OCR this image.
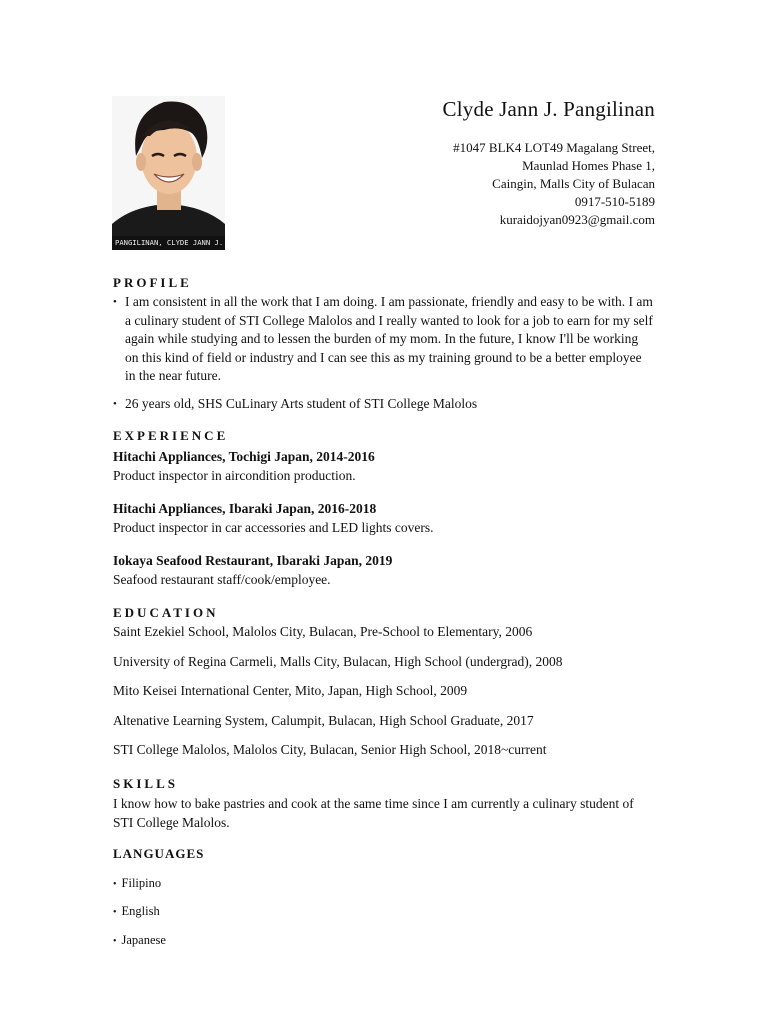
PANGILINAN, CLYDE JANN J.
Clyde Jann J. Pangilinan
#1047 BLK4 LOT49 Magalang Street,
Maunlad Homes Phase 1,
Caingin, Malls City of Bulacan
0917-510-5189
kuraidojyan0923@gmail.com
PROFILE
• I am consistent in all the work that I am doing. I am passionate, friendly and easy to be with. I am a culinary student of STI College Malolos and I really wanted to look for a job to earn for my self again while studying and to lessen the burden of my mom. In the future, I know I'll be working on this kind of field or industry and I can see this as my training ground to be a better employee in the near future.
• 26 years old, SHS CuLinary Arts student of STI College Malolos
EXPERIENCE
Hitachi Appliances, Tochigi Japan, 2014-2016
Product inspector in aircondition production.
Hitachi Appliances, Ibaraki Japan, 2016-2018
Product inspector in car accessories and LED lights covers.
Iokaya Seafood Restaurant, Ibaraki Japan, 2019
Seafood restaurant staff/cook/employee.
EDUCATION
Saint Ezekiel School, Malolos City, Bulacan, Pre-School to Elementary, 2006
University of Regina Carmeli, Malls City, Bulacan, High School (undergrad), 2008
Mito Keisei International Center, Mito, Japan, High School, 2009
Altenative Learning System, Calumpit, Bulacan, High School Graduate, 2017
STI College Malolos, Malolos City, Bulacan, Senior High School, 2018~current
SKILLS
I know how to bake pastries and cook at the same time since I am currently a culinary student of STI College Malolos.
LANGUAGES
• Filipino
• English
• Japanese
